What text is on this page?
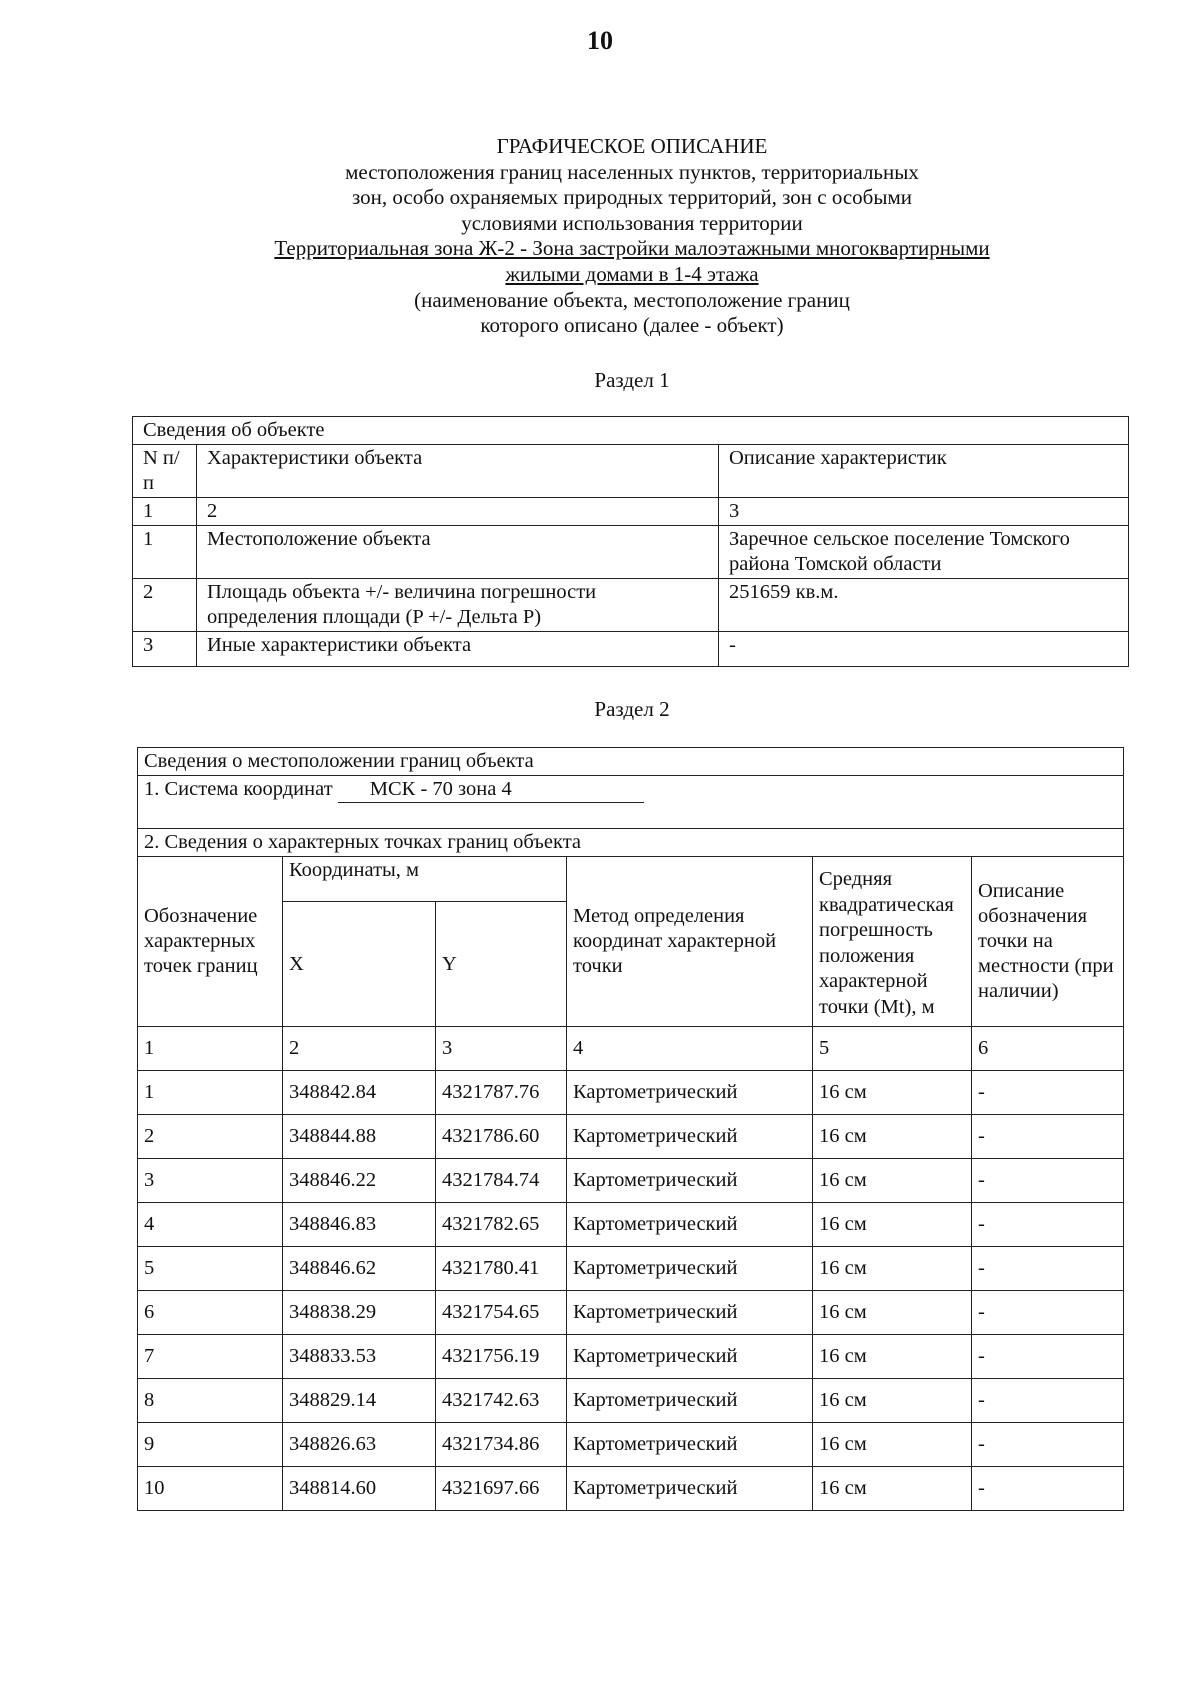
10
ГРАФИЧЕСКОЕ ОПИСАНИЕ
местоположения границ населенных пунктов, территориальных
зон, особо охраняемых природных территорий, зон с особыми
условиями использования территории
Территориальная зона Ж-2 - Зона застройки малоэтажными многоквартирными
жилыми домами в 1-4 этажа
(наименование объекта, местоположение границ
которого описано (далее - объект)
Раздел 1
Сведения об объекте		
N п/п	Характеристики объекта	Описание характеристик
1	2	3
1	Местоположение объекта	Заречное сельское поселение Томского района Томской области
2	Площадь объекта +/- величина погрешности определения площади (P +/- Дельта P)	251659 кв.м.
3	Иные характеристики объекта	-
Раздел 2
Сведения о местоположении границ объекта					
1. Система координат МСК - 70 зона 4					
2. Сведения о характерных точках границ объекта					
Обозначение характерных точек границ	Координаты, м		Метод определения координат характерной точки	Средняя квадратическая погрешность положения характерной точки (Mt), м	Описание обозначения точки на местности (при наличии)
	X	Y			
1	2	3	4	5	6
1	348842.84	4321787.76	Картометрический	16 см	-
2	348844.88	4321786.60	Картометрический	16 см	-
3	348846.22	4321784.74	Картометрический	16 см	-
4	348846.83	4321782.65	Картометрический	16 см	-
5	348846.62	4321780.41	Картометрический	16 см	-
6	348838.29	4321754.65	Картометрический	16 см	-
7	348833.53	4321756.19	Картометрический	16 см	-
8	348829.14	4321742.63	Картометрический	16 см	-
9	348826.63	4321734.86	Картометрический	16 см	-
10	348814.60	4321697.66	Картометрический	16 см	-
